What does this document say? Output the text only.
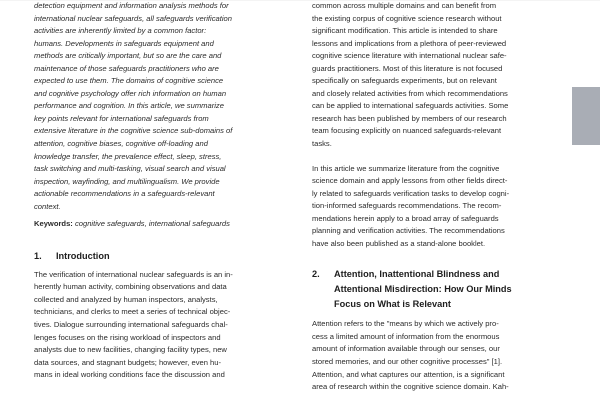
detection equipment and information analysis methods for
international nuclear safeguards, all safeguards verification
activities are inherently limited by a common factor:
humans. Developments in safeguards equipment and
methods are critically important, but so are the care and
maintenance of those safeguards practitioners who are
expected to use them. The domains of cognitive science
and cognitive psychology offer rich information on human
performance and cognition. In this article, we summarize
key points relevant for international safeguards from
extensive literature in the cognitive science sub-domains of
attention, cognitive biases, cognitive off-loading and
knowledge transfer, the prevalence effect, sleep, stress,
task switching and multi-tasking, visual search and visual
inspection, wayfinding, and multilingualism. We provide
actionable recommendations in a safeguards-relevant
context.
Keywords: cognitive safeguards, international safeguards
1. Introduction
The verification of international nuclear safeguards is an in-
herently human activity, combining observations and data
collected and analyzed by human inspectors, analysts,
technicians, and clerks to meet a series of technical objec-
tives. Dialogue surrounding international safeguards chal-
lenges focuses on the rising workload of inspectors and
analysts due to new facilities, changing facility types, new
data sources, and stagnant budgets; however, even hu-
mans in ideal working conditions face the discussion and
common across multiple domains and can benefit from
the existing corpus of cognitive science research without
significant modification. This article is intended to share
lessons and implications from a plethora of peer-reviewed
cognitive science literature with international nuclear safe-
guards practitioners. Most of this literature is not focused
specifically on safeguards experiments, but on relevant
and closely related activities from which recommendations
can be applied to international safeguards activities. Some
research has been published by members of our research
team focusing explicitly on nuanced safeguards-relevant
tasks.
In this article we summarize literature from the cognitive
science domain and apply lessons from other fields direct-
ly related to safeguards verification tasks to develop cogni-
tion-informed safeguards recommendations. The recom-
mendations herein apply to a broad array of safeguards
planning and verification activities. The recommendations
have also been published as a stand-alone booklet.
2. Attention, Inattentional Blindness and
Attentional Misdirection: How Our Minds
Focus on What is Relevant
Attention refers to the "means by which we actively pro-
cess a limited amount of information from the enormous
amount of information available through our senses, our
stored memories, and our other cognitive processes" [1].
Attention, and what captures our attention, is a significant
area of research within the cognitive science domain. Kah-
